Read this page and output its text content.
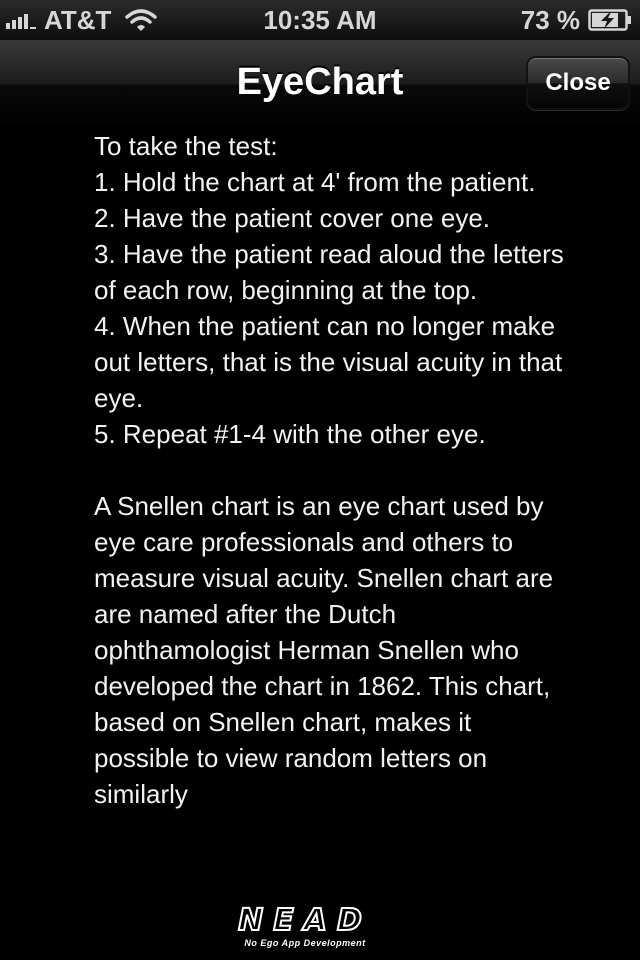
AT&T	10:35 AM	73 %
EyeChart	Close

To take the test:

1. Hold the chart at 4' from the patient.

2. Have the patient cover one eye.

3. Have the patient read aloud the letters of each row, beginning at the top.

4. When the patient can no longer make out letters, that is the visual acuity in that eye.

5. Repeat #1-4 with the other eye.

A Snellen chart is an eye chart used by eye care professionals and others to measure visual acuity. Snellen chart are are named after the Dutch ophthamologist Herman Snellen who developed the chart in 1862. This chart, based on Snellen chart, makes it possible to view random letters on similarly

NEAD
No Ego App Development
